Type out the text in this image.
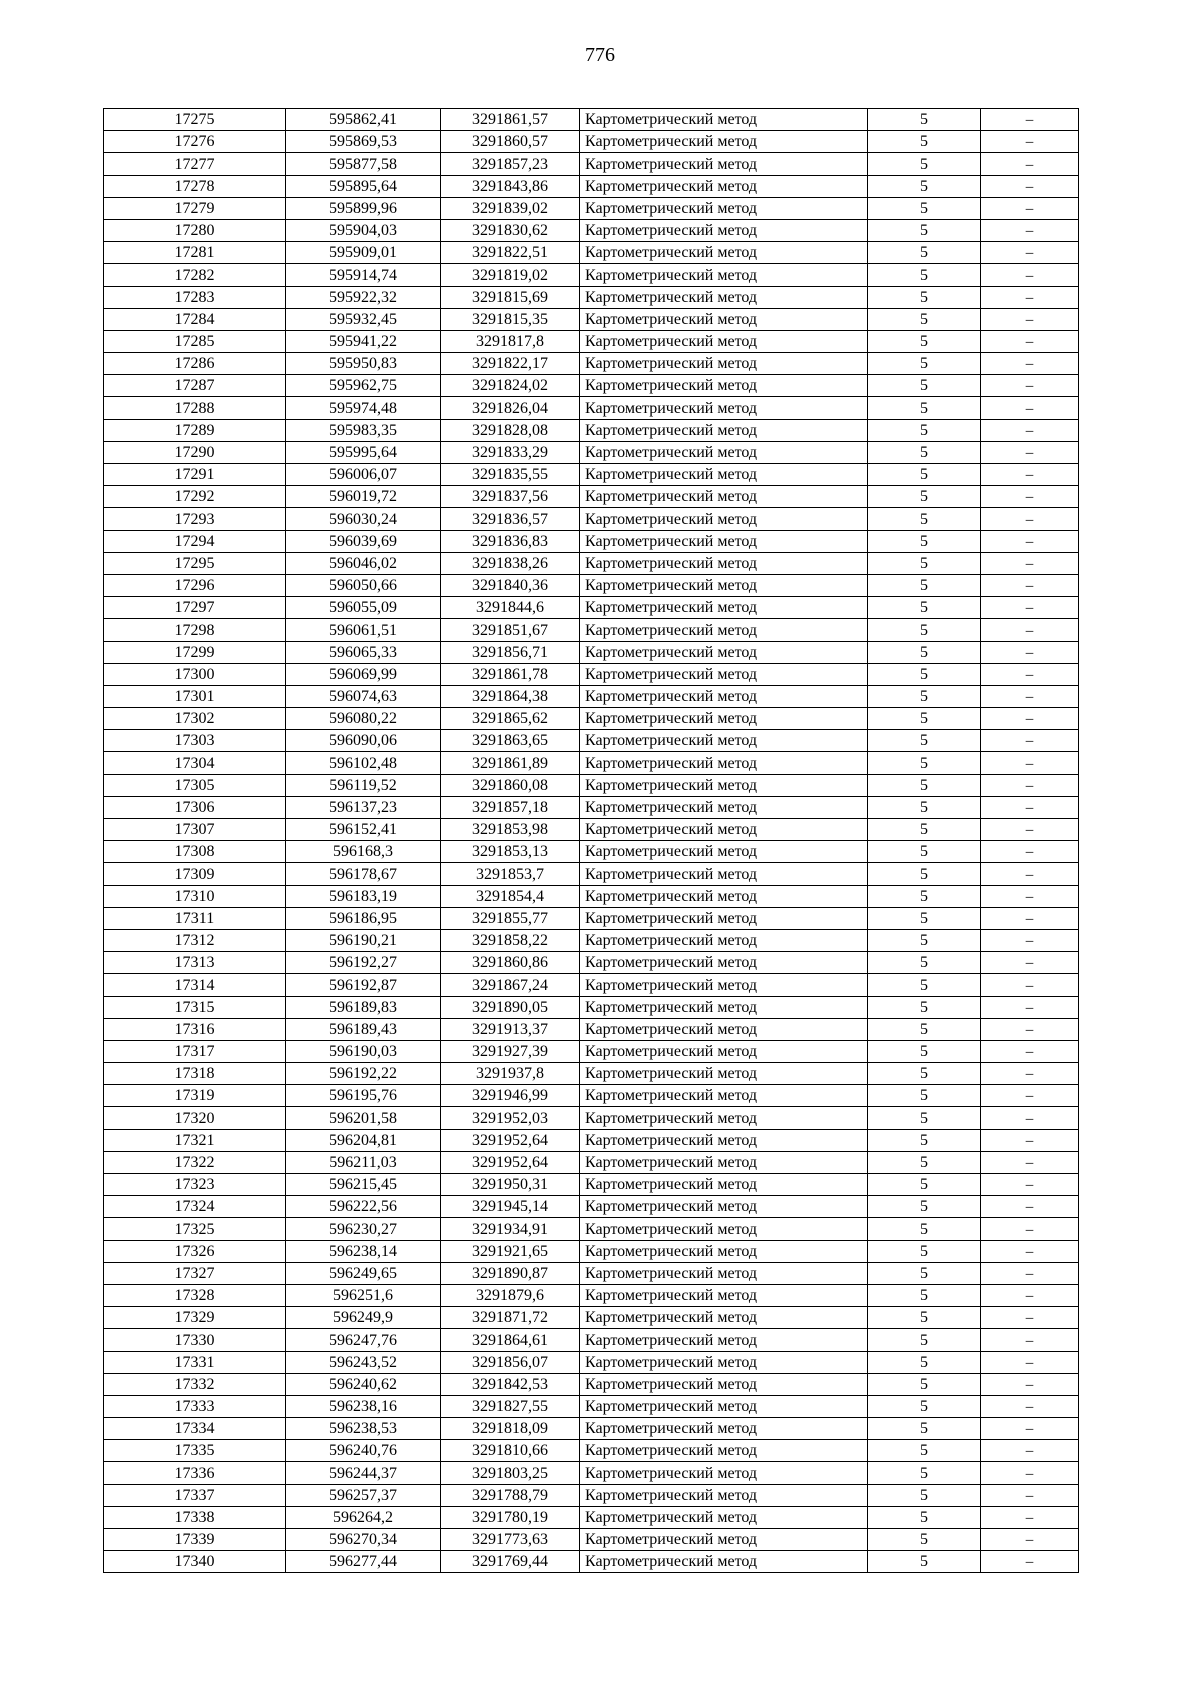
776
17275	595862,41	3291861,57	Картометрический метод	5	–
17276	595869,53	3291860,57	Картометрический метод	5	–
17277	595877,58	3291857,23	Картометрический метод	5	–
17278	595895,64	3291843,86	Картометрический метод	5	–
17279	595899,96	3291839,02	Картометрический метод	5	–
17280	595904,03	3291830,62	Картометрический метод	5	–
17281	595909,01	3291822,51	Картометрический метод	5	–
17282	595914,74	3291819,02	Картометрический метод	5	–
17283	595922,32	3291815,69	Картометрический метод	5	–
17284	595932,45	3291815,35	Картометрический метод	5	–
17285	595941,22	3291817,8	Картометрический метод	5	–
17286	595950,83	3291822,17	Картометрический метод	5	–
17287	595962,75	3291824,02	Картометрический метод	5	–
17288	595974,48	3291826,04	Картометрический метод	5	–
17289	595983,35	3291828,08	Картометрический метод	5	–
17290	595995,64	3291833,29	Картометрический метод	5	–
17291	596006,07	3291835,55	Картометрический метод	5	–
17292	596019,72	3291837,56	Картометрический метод	5	–
17293	596030,24	3291836,57	Картометрический метод	5	–
17294	596039,69	3291836,83	Картометрический метод	5	–
17295	596046,02	3291838,26	Картометрический метод	5	–
17296	596050,66	3291840,36	Картометрический метод	5	–
17297	596055,09	3291844,6	Картометрический метод	5	–
17298	596061,51	3291851,67	Картометрический метод	5	–
17299	596065,33	3291856,71	Картометрический метод	5	–
17300	596069,99	3291861,78	Картометрический метод	5	–
17301	596074,63	3291864,38	Картометрический метод	5	–
17302	596080,22	3291865,62	Картометрический метод	5	–
17303	596090,06	3291863,65	Картометрический метод	5	–
17304	596102,48	3291861,89	Картометрический метод	5	–
17305	596119,52	3291860,08	Картометрический метод	5	–
17306	596137,23	3291857,18	Картометрический метод	5	–
17307	596152,41	3291853,98	Картометрический метод	5	–
17308	596168,3	3291853,13	Картометрический метод	5	–
17309	596178,67	3291853,7	Картометрический метод	5	–
17310	596183,19	3291854,4	Картометрический метод	5	–
17311	596186,95	3291855,77	Картометрический метод	5	–
17312	596190,21	3291858,22	Картометрический метод	5	–
17313	596192,27	3291860,86	Картометрический метод	5	–
17314	596192,87	3291867,24	Картометрический метод	5	–
17315	596189,83	3291890,05	Картометрический метод	5	–
17316	596189,43	3291913,37	Картометрический метод	5	–
17317	596190,03	3291927,39	Картометрический метод	5	–
17318	596192,22	3291937,8	Картометрический метод	5	–
17319	596195,76	3291946,99	Картометрический метод	5	–
17320	596201,58	3291952,03	Картометрический метод	5	–
17321	596204,81	3291952,64	Картометрический метод	5	–
17322	596211,03	3291952,64	Картометрический метод	5	–
17323	596215,45	3291950,31	Картометрический метод	5	–
17324	596222,56	3291945,14	Картометрический метод	5	–
17325	596230,27	3291934,91	Картометрический метод	5	–
17326	596238,14	3291921,65	Картометрический метод	5	–
17327	596249,65	3291890,87	Картометрический метод	5	–
17328	596251,6	3291879,6	Картометрический метод	5	–
17329	596249,9	3291871,72	Картометрический метод	5	–
17330	596247,76	3291864,61	Картометрический метод	5	–
17331	596243,52	3291856,07	Картометрический метод	5	–
17332	596240,62	3291842,53	Картометрический метод	5	–
17333	596238,16	3291827,55	Картометрический метод	5	–
17334	596238,53	3291818,09	Картометрический метод	5	–
17335	596240,76	3291810,66	Картометрический метод	5	–
17336	596244,37	3291803,25	Картометрический метод	5	–
17337	596257,37	3291788,79	Картометрический метод	5	–
17338	596264,2	3291780,19	Картометрический метод	5	–
17339	596270,34	3291773,63	Картометрический метод	5	–
17340	596277,44	3291769,44	Картометрический метод	5	–
